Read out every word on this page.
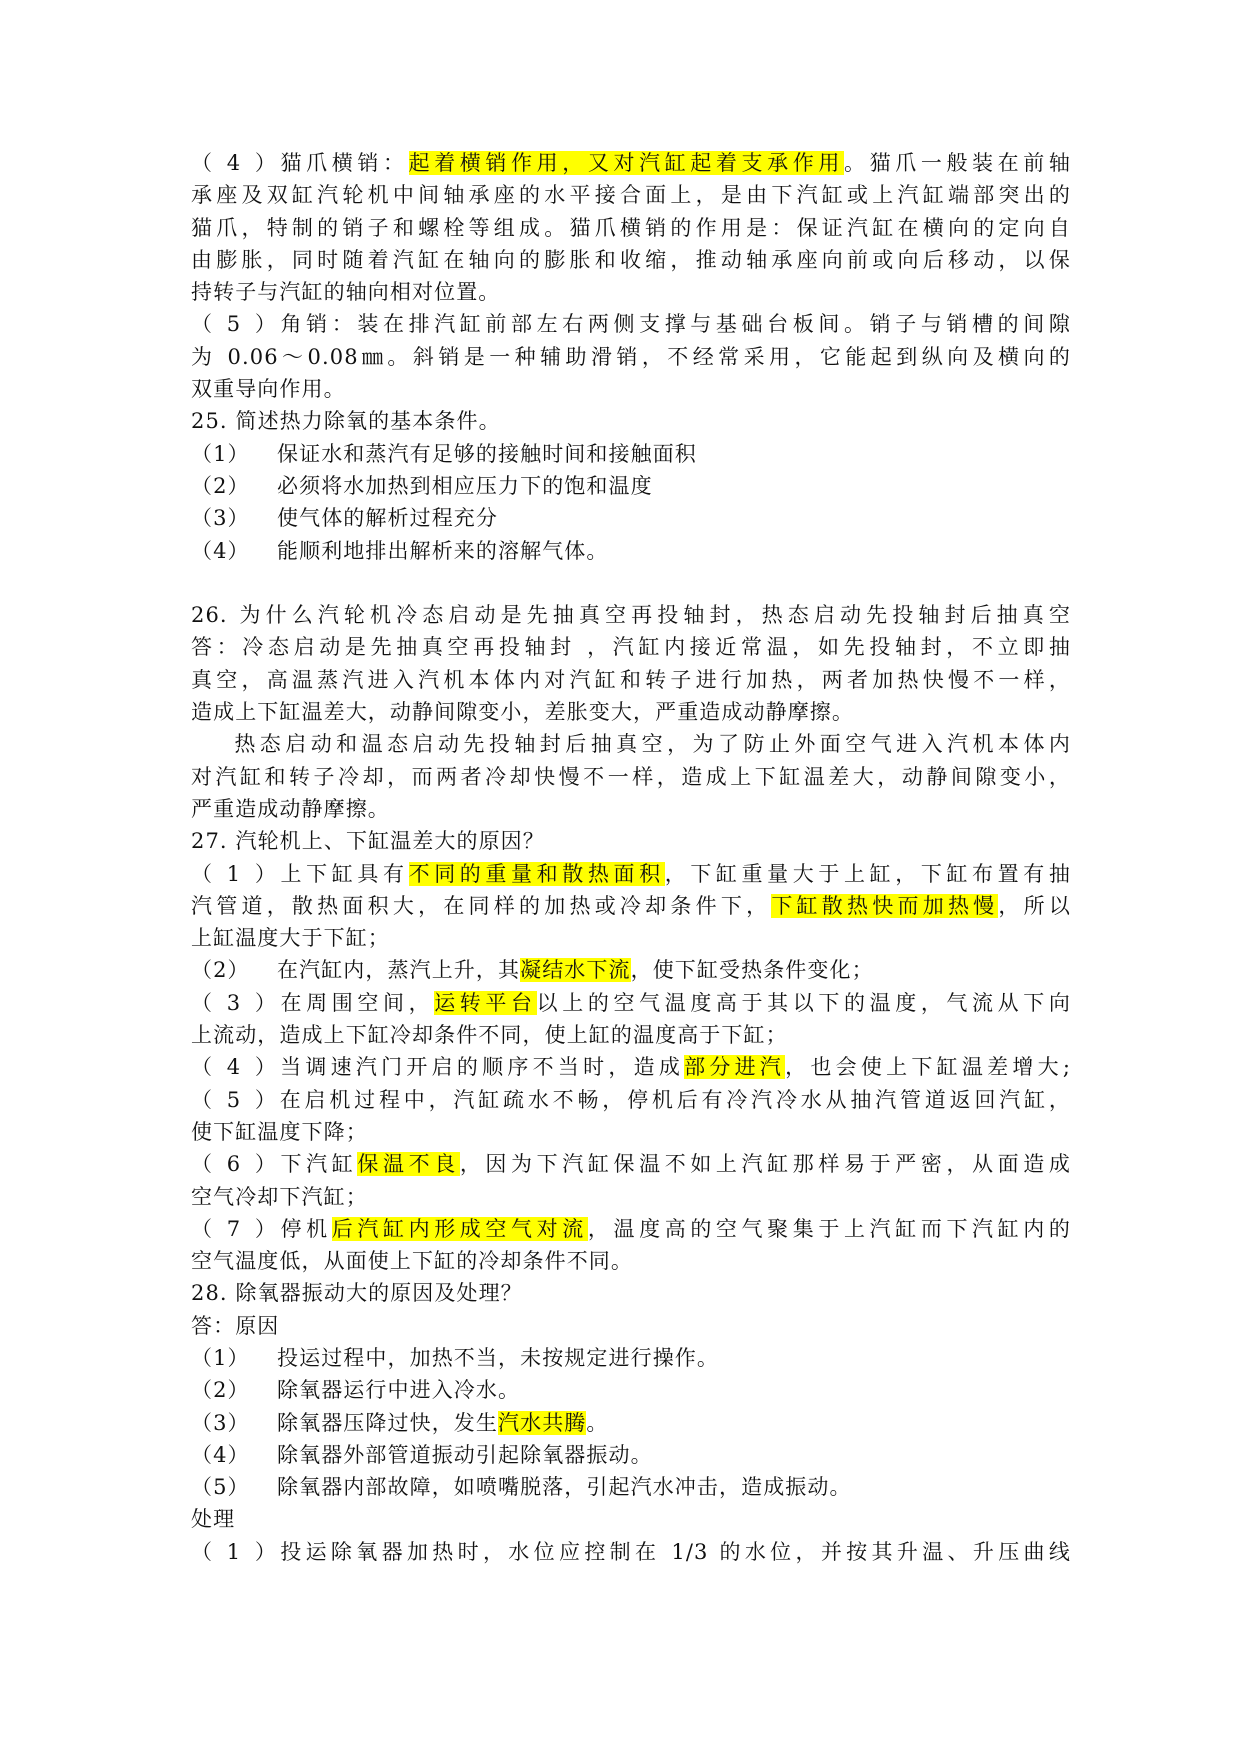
（4）猫爪横销：起着横销作用，又对汽缸起着支承作用。猫爪一般装在前轴
承座及双缸汽轮机中间轴承座的水平接合面上，是由下汽缸或上汽缸端部突出的
猫爪，特制的销子和螺栓等组成。猫爪横销的作用是：保证汽缸在横向的定向自
由膨胀，同时随着汽缸在轴向的膨胀和收缩，推动轴承座向前或向后移动，以保
持转子与汽缸的轴向相对位置。
（5）角销：装在排汽缸前部左右两侧支撑与基础台板间。销子与销槽的间隙
为 0.06～0.08㎜。斜销是一种辅助滑销，不经常采用，它能起到纵向及横向的
双重导向作用。
25. 简述热力除氧的基本条件。
（1） 保证水和蒸汽有足够的接触时间和接触面积
（2） 必须将水加热到相应压力下的饱和温度
（3） 使气体的解析过程充分
（4） 能顺利地排出解析来的溶解气体。
26. 为什么汽轮机冷态启动是先抽真空再投轴封，热态启动先投轴封后抽真空
答：冷态启动是先抽真空再投轴封 ，汽缸内接近常温，如先投轴封，不立即抽
真空，高温蒸汽进入汽机本体内对汽缸和转子进行加热，两者加热快慢不一样，
造成上下缸温差大，动静间隙变小，差胀变大，严重造成动静摩擦。
热态启动和温态启动先投轴封后抽真空，为了防止外面空气进入汽机本体内
对汽缸和转子冷却，而两者冷却快慢不一样，造成上下缸温差大，动静间隙变小，
严重造成动静摩擦。
27. 汽轮机上、下缸温差大的原因？
（1）上下缸具有不同的重量和散热面积，下缸重量大于上缸，下缸布置有抽
汽管道，散热面积大，在同样的加热或冷却条件下，下缸散热快而加热慢，所以
上缸温度大于下缸；
（2） 在汽缸内，蒸汽上升，其凝结水下流，使下缸受热条件变化；
（3）在周围空间，运转平台以上的空气温度高于其以下的温度，气流从下向
上流动，造成上下缸冷却条件不同，使上缸的温度高于下缸；
（4）当调速汽门开启的顺序不当时，造成部分进汽，也会使上下缸温差增大;
（5）在启机过程中，汽缸疏水不畅，停机后有冷汽冷水从抽汽管道返回汽缸，
使下缸温度下降；
（6）下汽缸保温不良，因为下汽缸保温不如上汽缸那样易于严密，从面造成
空气冷却下汽缸；
（7）停机后汽缸内形成空气对流，温度高的空气聚集于上汽缸而下汽缸内的
空气温度低，从面使上下缸的冷却条件不同。
28. 除氧器振动大的原因及处理？
答：原因
（1） 投运过程中，加热不当，未按规定进行操作。
（2） 除氧器运行中进入冷水。
（3） 除氧器压降过快，发生汽水共腾。
（4） 除氧器外部管道振动引起除氧器振动。
（5） 除氧器内部故障，如喷嘴脱落，引起汽水冲击，造成振动。
处理
（1）投运除氧器加热时，水位应控制在 1/3 的水位，并按其升温、升压曲线
